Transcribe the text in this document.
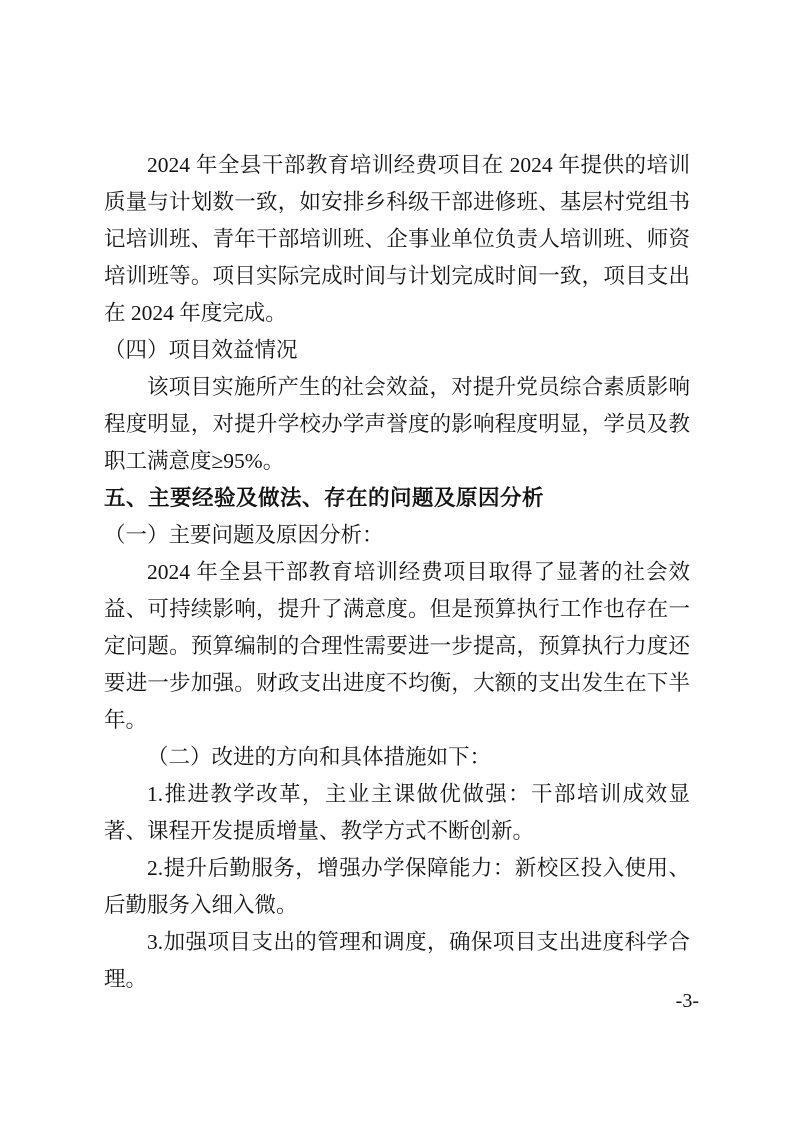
2024 年全县干部教育培训经费项目在 2024 年提供的培训质量与计划数一致，如安排乡科级干部进修班、基层村党组书记培训班、青年干部培训班、企事业单位负责人培训班、师资培训班等。项目实际完成时间与计划完成时间一致，项目支出在 2024 年度完成。

（四）项目效益情况

该项目实施所产生的社会效益，对提升党员综合素质影响程度明显，对提升学校办学声誉度的影响程度明显，学员及教职工满意度≥95%。

五、主要经验及做法、存在的问题及原因分析

（一）主要问题及原因分析：

2024 年全县干部教育培训经费项目取得了显著的社会效益、可持续影响，提升了满意度。但是预算执行工作也存在一定问题。预算编制的合理性需要进一步提高，预算执行力度还要进一步加强。财政支出进度不均衡，大额的支出发生在下半年。

（二）改进的方向和具体措施如下：

1.推进教学改革，主业主课做优做强：干部培训成效显著、课程开发提质增量、教学方式不断创新。

2.提升后勤服务，增强办学保障能力：新校区投入使用、后勤服务入细入微。

3.加强项目支出的管理和调度，确保项目支出进度科学合理。

-3-
